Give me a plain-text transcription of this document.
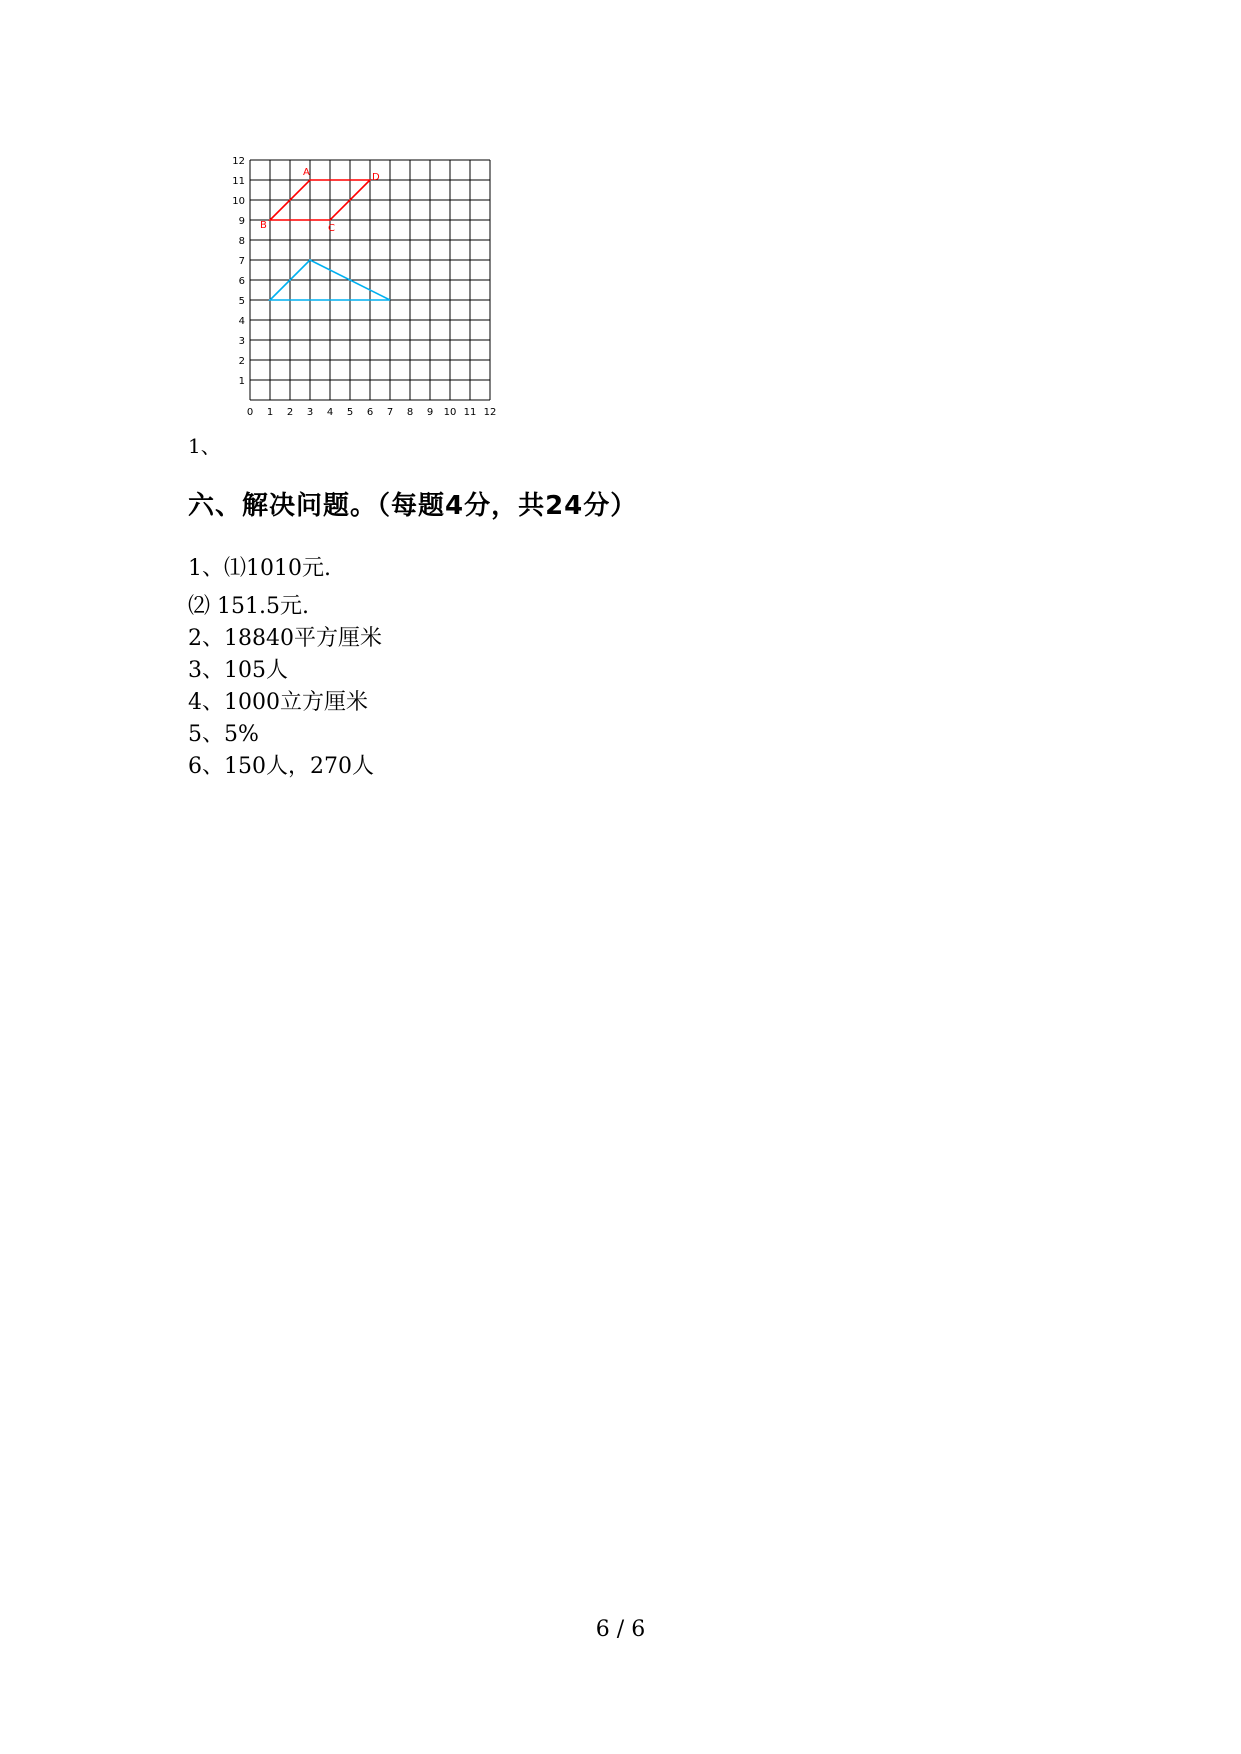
0 1 2 3 4 5 6 7 8 9 10 11 12
1
2
3
4
5
6
7
8
9
10
11
12
A	D
C
B
1、
六、解决问题。（每题4分，共24分）
1、⑴1010元.
⑵ 151.5元.
2、18840平方厘米
3、105人
4、1000立方厘米
5、5%
6、150人，270人
6 / 6
